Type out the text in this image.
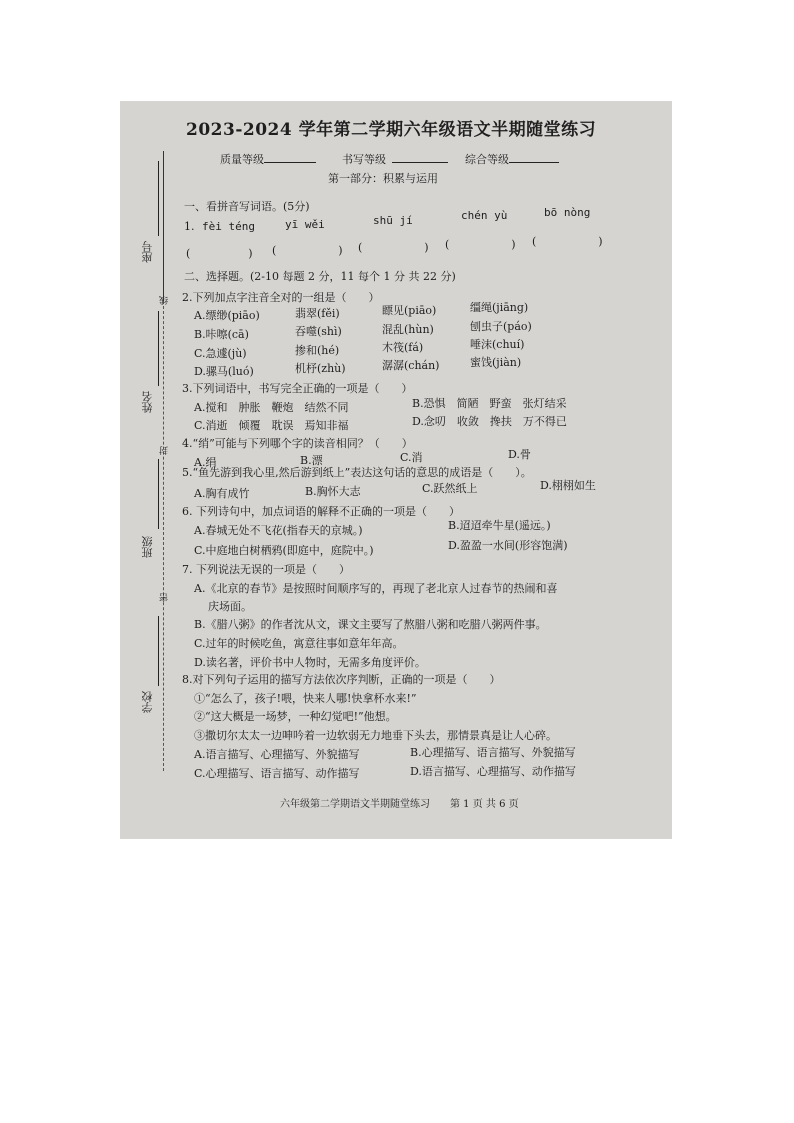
座号
线
姓名
封
班级
密
学校
2023-2024 学年第二学期六年级语文半期随堂练习
质量等级	书写等级	综合等级
第一部分：积累与运用
一、看拼音写词语。(5分)
1. fèi téng	yī wěi	shū jí	chén yù	bō nòng
(	) (	) (	) (	) (	)
二、选择题。(2-10 每题 2 分，11 每个 1 分 共 22 分)
2.下列加点字注音全对的一组是（　　）
A.缥缈(piāo)	翡翠(fěi)	瞟见(piāo)	缰绳(jiāng)
B.咔嚓(cā)	吞噬(shì)	混乱(hùn)	刨虫子(páo)
C.急遽(jù)	掺和(hé)	木筏(fá)	唾沫(chuí)
D.骡马(luó)	机杼(zhù)	潺潺(chán)	蜜饯(jiàn)
3.下列词语中，书写完全正确的一项是（　　）
A.搅和　肿胀　鞭炮　结然不同	B.恐惧　简陋　野蛮　张灯结采
C.消逝　倾覆　耽误　焉知非福	D.念叨　收敛　搀扶　万不得已
4.“绡”可能与下列哪个字的读音相同？（　　）
A.绢	B.漂	C.消	D.骨
5.“鱼先游到我心里,然后游到纸上”表达这句话的意思的成语是（　　）。
A.胸有成竹	B.胸怀大志	C.跃然纸上	D.栩栩如生
6. 下列诗句中，加点词语的解释不正确的一项是（　　）
A.春城无处不飞花(指春天的京城。)	B.迢迢牵牛星(遥远。)
C.中庭地白树栖鸦(即庭中，庭院中。)	D.盈盈一水间(形容饱满)
7. 下列说法无误的一项是（　　）
A.《北京的春节》是按照时间顺序写的，再现了老北京人过春节的热闹和喜
庆场面。
B.《腊八粥》的作者沈从文，课文主要写了熬腊八粥和吃腊八粥两件事。
C.过年的时候吃鱼，寓意往事如意年年高。
D.读名著，评价书中人物时，无需多角度评价。
8.对下列句子运用的描写方法依次序判断，正确的一项是（　　）
①“怎么了，孩子!喂，快来人哪!快拿杯水来!”
②“这大概是一场梦，一种幻觉吧!”他想。
③撒切尔太太一边呻吟着一边软弱无力地垂下头去，那情景真是让人心碎。
A.语言描写、心理描写、外貌描写	B.心理描写、语言描写、外貌描写
C.心理描写、语言描写、动作描写	D.语言描写、心理描写、动作描写
六年级第二学期语文半期随堂练习 第 1 页 共 6 页
